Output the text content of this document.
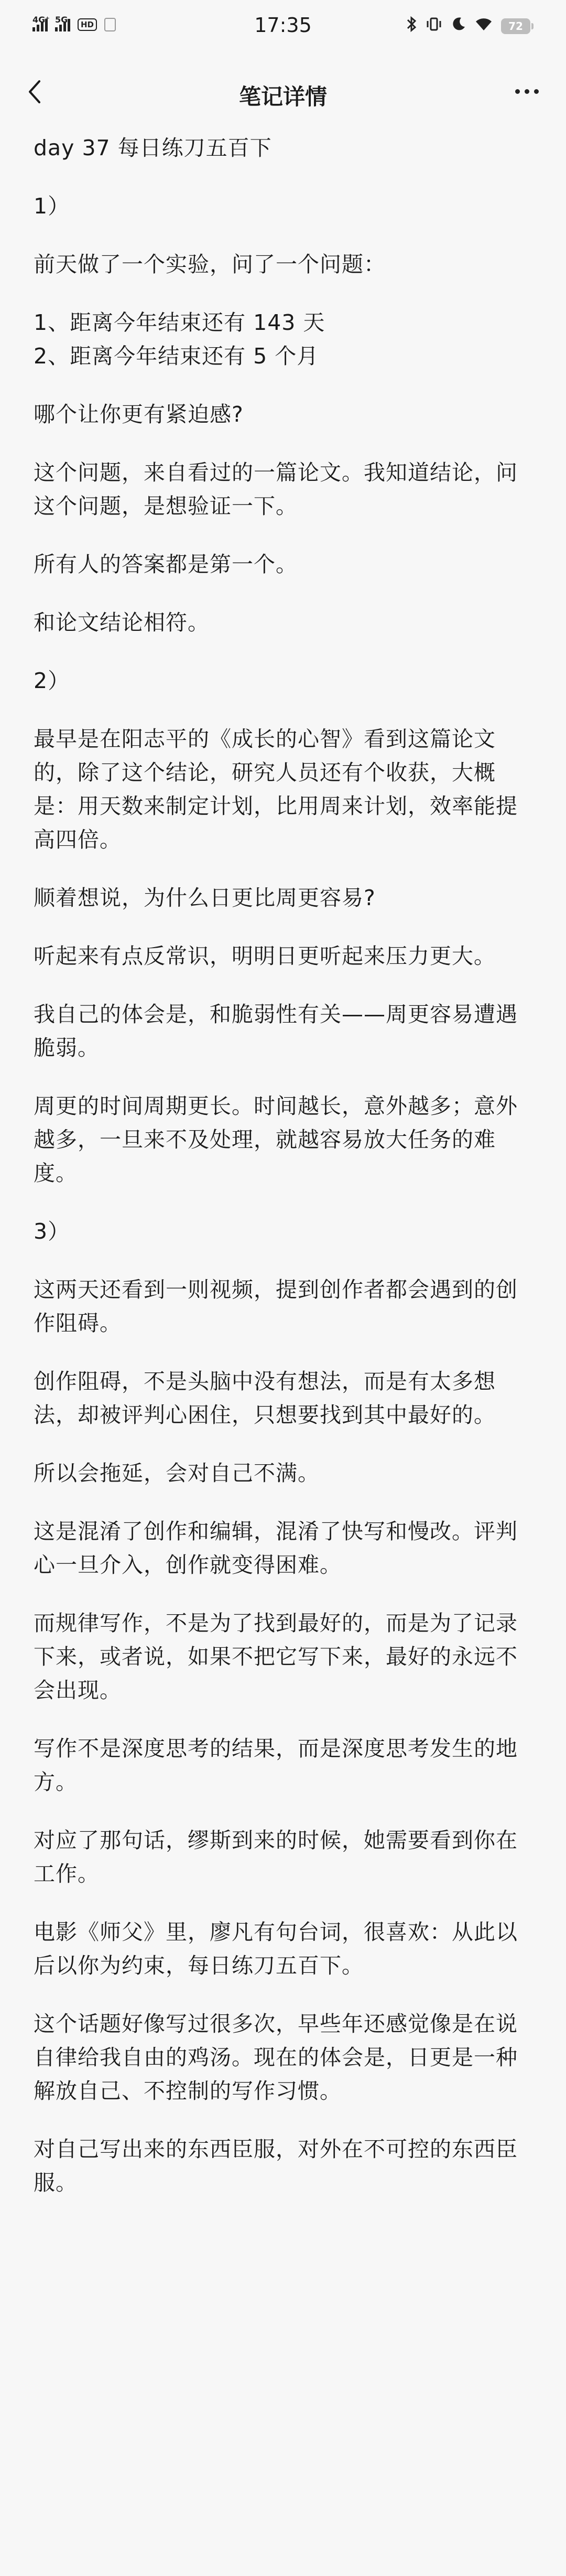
4G⁺ 5G	HD	17:35	72
笔记详情

day 37 每日练刀五百下

1）

前天做了一个实验，问了一个问题：

1、距离今年结束还有 143 天
2、距离今年结束还有 5 个月

哪个让你更有紧迫感?

这个问题，来自看过的一篇论文。我知道结论，问这个问题，是想验证一下。

所有人的答案都是第一个。

和论文结论相符。

2）

最早是在阳志平的《成长的心智》看到这篇论文的，除了这个结论，研究人员还有个收获，大概是：用天数来制定计划，比用周来计划，效率能提高四倍。

顺着想说，为什么日更比周更容易?

听起来有点反常识，明明日更听起来压力更大。

我自己的体会是，和脆弱性有关——周更容易遭遇脆弱。

周更的时间周期更长。时间越长，意外越多；意外越多，一旦来不及处理，就越容易放大任务的难度。

3）

这两天还看到一则视频，提到创作者都会遇到的创作阻碍。

创作阻碍，不是头脑中没有想法，而是有太多想法，却被评判心困住，只想要找到其中最好的。

所以会拖延，会对自己不满。

这是混淆了创作和编辑，混淆了快写和慢改。评判心一旦介入，创作就变得困难。

而规律写作，不是为了找到最好的，而是为了记录下来，或者说，如果不把它写下来，最好的永远不会出现。

写作不是深度思考的结果，而是深度思考发生的地方。

对应了那句话，缪斯到来的时候，她需要看到你在工作。

电影《师父》里，廖凡有句台词，很喜欢：从此以后以你为约束，每日练刀五百下。

这个话题好像写过很多次，早些年还感觉像是在说自律给我自由的鸡汤。现在的体会是，日更是一种解放自己、不控制的写作习惯。

对自己写出来的东西臣服，对外在不可控的东西臣服。
